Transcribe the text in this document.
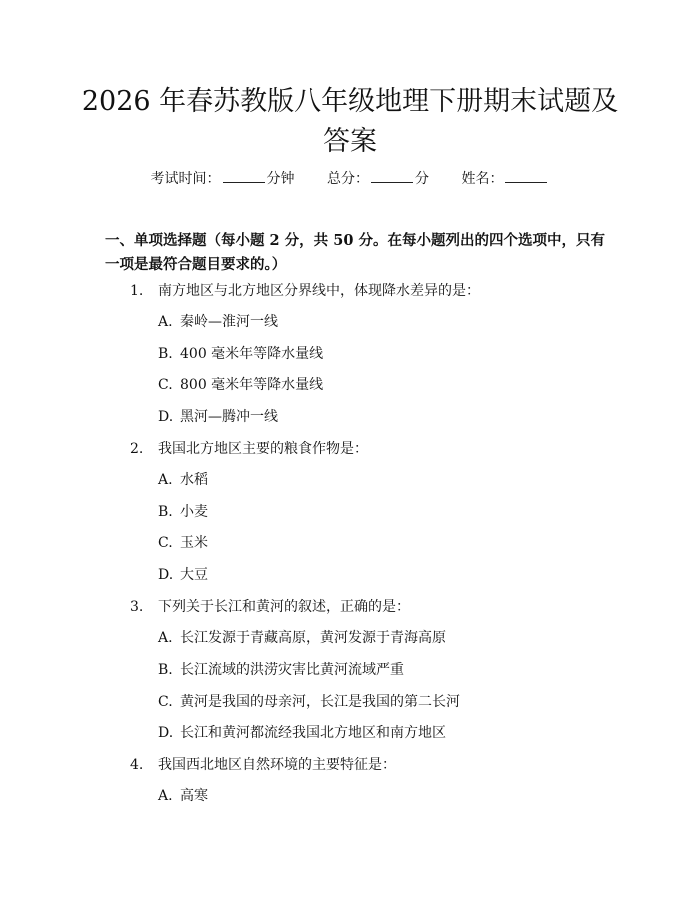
2026 年春苏教版八年级地理下册期末试题及答案
考试时间：	分钟 总分：	分 姓名：

一、单项选择题（每小题 2 分，共 50 分。在每小题列出的四个选项中，只有一项是最符合题目要求的。）

1. 南方地区与北方地区分界线中，体现降水差异的是：
A. 秦岭—淮河一线
B. 400 毫米年等降水量线
C. 800 毫米年等降水量线
D. 黑河—腾冲一线
2. 我国北方地区主要的粮食作物是：
A. 水稻
B. 小麦
C. 玉米
D. 大豆
3. 下列关于长江和黄河的叙述，正确的是：
A. 长江发源于青藏高原，黄河发源于青海高原
B. 长江流域的洪涝灾害比黄河流域严重
C. 黄河是我国的母亲河，长江是我国的第二长河
D. 长江和黄河都流经我国北方地区和南方地区
4. 我国西北地区自然环境的主要特征是：
A. 高寒
